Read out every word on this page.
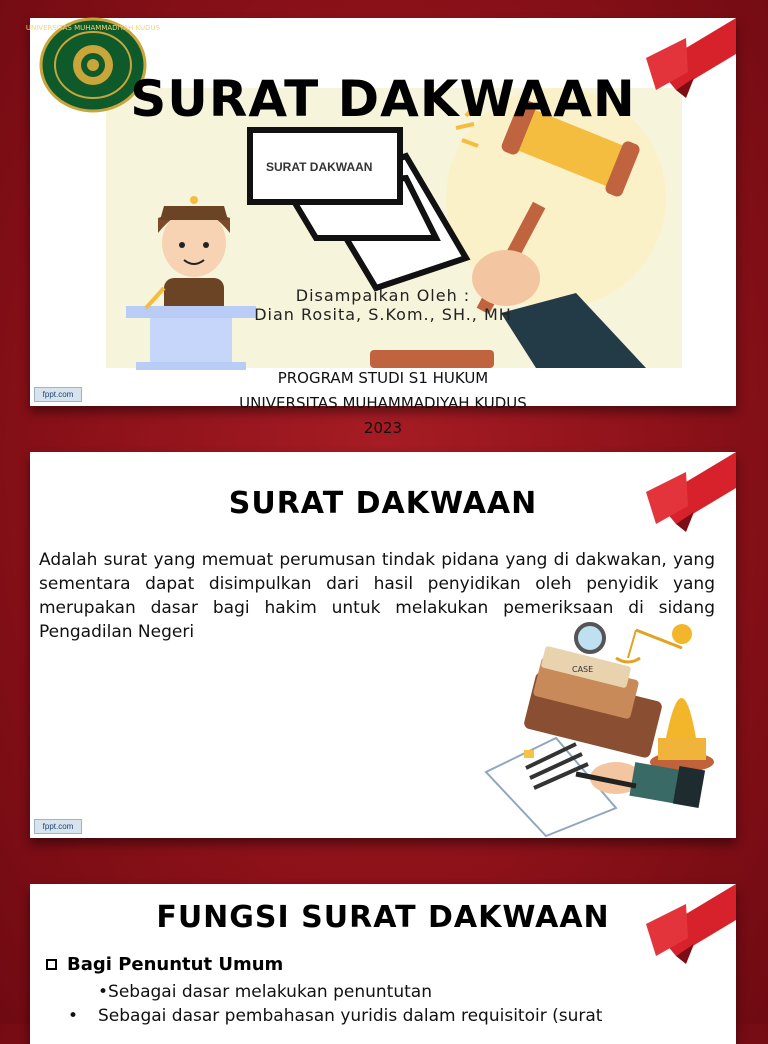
SURAT DAKWAAN
UNIVERSITAS MUHAMMADIYAH KUDUS
SURAT DAKWAAN
Disampaikan Oleh :
Dian Rosita, S.Kom., SH., MH
PROGRAM STUDI S1 HUKUM
UNIVERSITAS MUHAMMADIYAH KUDUS
2023
fppt.com
SURAT DAKWAAN
Adalah surat yang memuat perumusan tindak pidana yang di dakwakan, yang sementara dapat disimpulkan dari hasil penyidikan oleh penyidik yang merupakan dasar bagi hakim untuk melakukan pemeriksaan di sidang Pengadilan Negeri
CASE
fppt.com
FUNGSI SURAT DAKWAAN
Bagi Penuntut Umum
•Sebagai dasar melakukan penuntutan
•	Sebagai dasar pembahasan yuridis dalam requisitoir (surat
